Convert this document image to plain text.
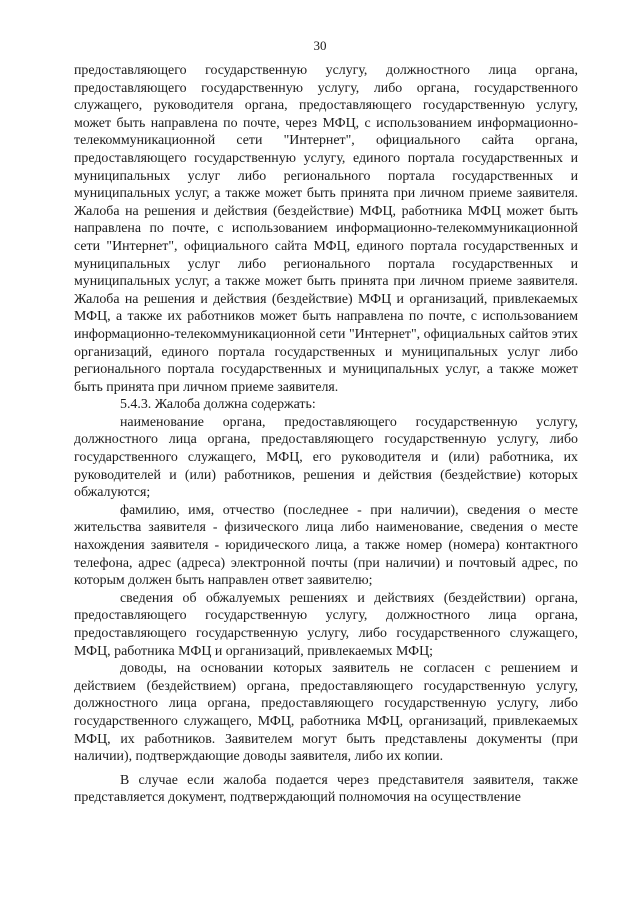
30

предоставляющего государственную услугу, должностного лица органа, предоставляющего государственную услугу, либо органа, государственного служащего, руководителя органа, предоставляющего государственную услугу, может быть направлена по почте, через МФЦ, с использованием информационно-телекоммуникационной сети "Интернет", официального сайта органа, предоставляющего государственную услугу, единого портала государственных и муниципальных услуг либо регионального портала государственных и муниципальных услуг, а также может быть принята при личном приеме заявителя. Жалоба на решения и действия (бездействие) МФЦ, работника МФЦ может быть направлена по почте, с использованием информационно-телекоммуникационной сети "Интернет", официального сайта МФЦ, единого портала государственных и муниципальных услуг либо регионального портала государственных и муниципальных услуг, а также может быть принята при личном приеме заявителя. Жалоба на решения и действия (бездействие) МФЦ и организаций, привлекаемых МФЦ, а также их работников может быть направлена по почте, с использованием информационно-телекоммуникационной сети "Интернет", официальных сайтов этих организаций, единого портала государственных и муниципальных услуг либо регионального портала государственных и муниципальных услуг, а также может быть принята при личном приеме заявителя.

5.4.3. Жалоба должна содержать:

наименование органа, предоставляющего государственную услугу, должностного лица органа, предоставляющего государственную услугу, либо государственного служащего, МФЦ, его руководителя и (или) работника, их руководителей и (или) работников, решения и действия (бездействие) которых обжалуются;

фамилию, имя, отчество (последнее - при наличии), сведения о месте жительства заявителя - физического лица либо наименование, сведения о месте нахождения заявителя - юридического лица, а также номер (номера) контактного телефона, адрес (адреса) электронной почты (при наличии) и почтовый адрес, по которым должен быть направлен ответ заявителю;

сведения об обжалуемых решениях и действиях (бездействии) органа, предоставляющего государственную услугу, должностного лица органа, предоставляющего государственную услугу, либо государственного служащего, МФЦ, работника МФЦ и организаций, привлекаемых МФЦ;

доводы, на основании которых заявитель не согласен с решением и действием (бездействием) органа, предоставляющего государственную услугу, должностного лица органа, предоставляющего государственную услугу, либо государственного служащего, МФЦ, работника МФЦ, организаций, привлекаемых МФЦ, их работников. Заявителем могут быть представлены документы (при наличии), подтверждающие доводы заявителя, либо их копии.

В случае если жалоба подается через представителя заявителя, также представляется документ, подтверждающий полномочия на осуществление
